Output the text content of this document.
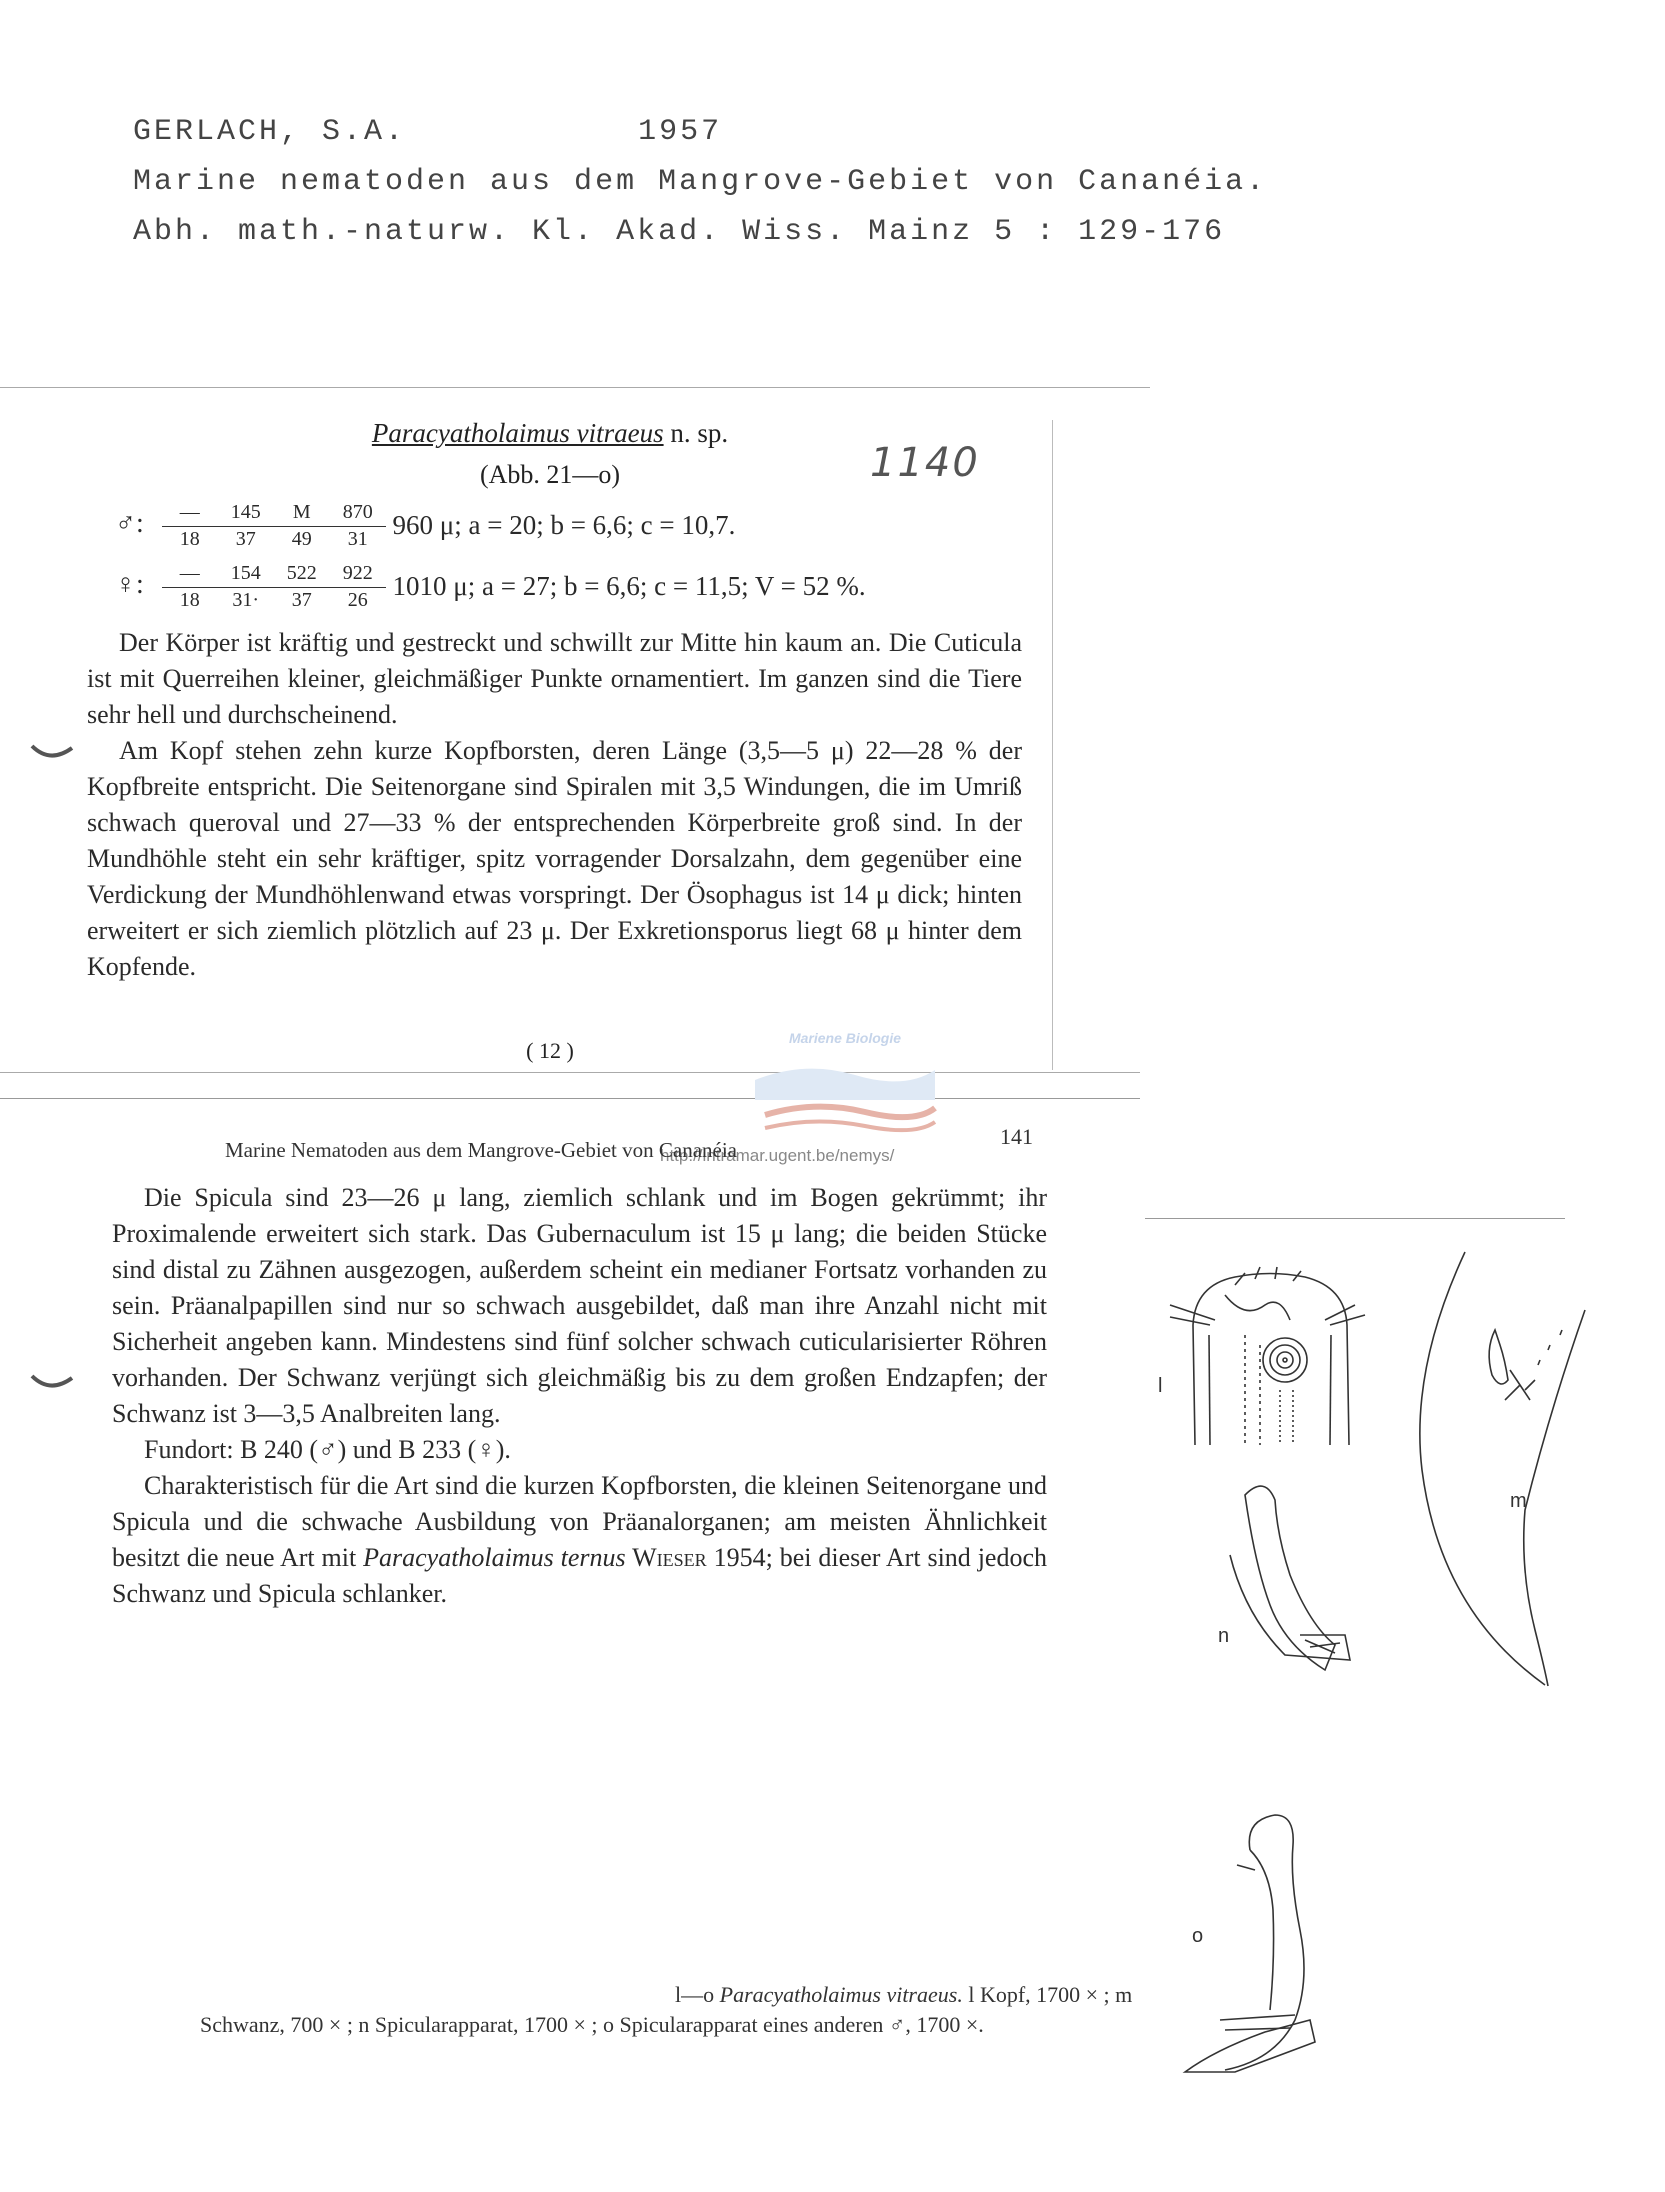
GERLACH, S.A.	1957
Marine nematoden aus dem Mangrove-Gebiet von Cananéia.
Abh. math.-naturw. Kl. Akad. Wiss. Mainz 5 : 129-176
Paracyatholaimus vitraeus n. sp.
(Abb. 21—o)	1140
♂: $\frac{— 145 M 870}{18 37 49 31} 960$ μ; a = 20; b = 6,6; c = 10,7.
♀: $\frac{— 154 522 922}{18 31\cdot 37 26} 1010$ μ; a = 27; b = 6,6; c = 11,5; V = 52 %.

Der Körper ist kräftig und gestreckt und schwillt zur Mitte hin kaum an. Die Cuticula ist mit Querreihen kleiner, gleichmäßiger Punkte ornamentiert. Im ganzen sind die Tiere sehr hell und durchscheinend.

Am Kopf stehen zehn kurze Kopfborsten, deren Länge (3,5—5 μ) 22—28 % der Kopfbreite entspricht. Die Seitenorgane sind Spiralen mit 3,5 Windungen, die im Umriß schwach queroval und 27—33 % der entsprechenden Körperbreite groß sind. In der Mundhöhle steht ein sehr kräftiger, spitz vorragender Dorsalzahn, dem gegenüber eine Verdickung der Mundhöhlenwand etwas vorspringt. Der Ösophagus ist 14 μ dick; hinten erweitert er sich ziemlich plötzlich auf 23 μ. Der Exkretionsporus liegt 68 μ hinter dem Kopfende.

( 12 )	Mariene Biologie
http://intramar.ugent.be/nemys/
Marine Nematoden aus dem Mangrove-Gebiet von Cananéia
141

Die Spicula sind 23—26 μ lang, ziemlich schlank und im Bogen gekrümmt; ihr Proximalende erweitert sich stark. Das Gubernaculum ist 15 μ lang; die beiden Stücke sind distal zu Zähnen ausgezogen, außerdem scheint ein medianer Fortsatz vorhanden zu sein. Präanalpapillen sind nur so schwach ausgebildet, daß man ihre Anzahl nicht mit Sicherheit angeben kann. Mindestens sind fünf solcher schwach cuticularisierter Röhren vorhanden. Der Schwanz verjüngt sich gleichmäßig bis zu dem großen Endzapfen; der Schwanz ist 3—3,5 Analbreiten lang.

Fundort: B 240 (♂) und B 233 (♀).

Charakteristisch für die Art sind die kurzen Kopfborsten, die kleinen Seitenorgane und Spicula und die schwache Ausbildung von Präanalorganen; am meisten Ähnlichkeit besitzt die neue Art mit Paracyatholaimus ternus Wieser 1954; bei dieser Art sind jedoch Schwanz und Spicula schlanker.

l
m
n
o
l—o Paracyatholaimus vitraeus. l Kopf, 1700 × ; m Schwanz, 700 × ; n Spicularapparat, 1700 × ; o Spicularapparat eines anderen ♂, 1700 ×.
